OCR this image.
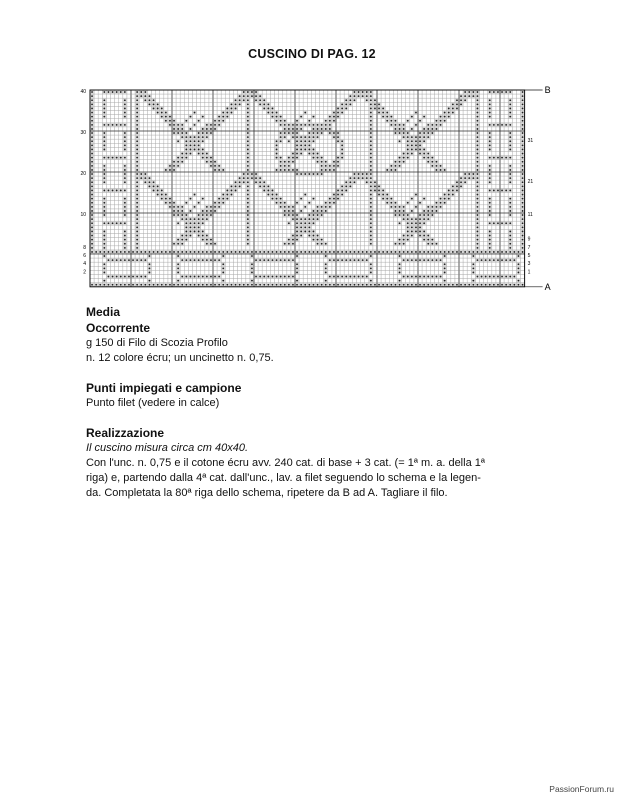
CUSCINO DI PAG. 12
40
30
20
10
8
6
4
2
31
21
11
9
7
5
3
1
B
A
Media
Occorrente
g 150 di Filo di Scozia Profilo
n. 12 colore écru; un uncinetto n. 0,75.
Punti impiegati e campione
Punto filet (vedere in calce)
Realizzazione
Il cuscino misura circa cm 40x40.
Con l'unc. n. 0,75 e il cotone écru avv. 240 cat. di base + 3 cat. (= 1ª m. a. della 1ª
riga) e, partendo dalla 4ª cat. dall'unc., lav. a filet seguendo lo schema e la legen-
da. Completata la 80ª riga dello schema, ripetere da B ad A. Tagliare il filo.
PassionForum.ru
